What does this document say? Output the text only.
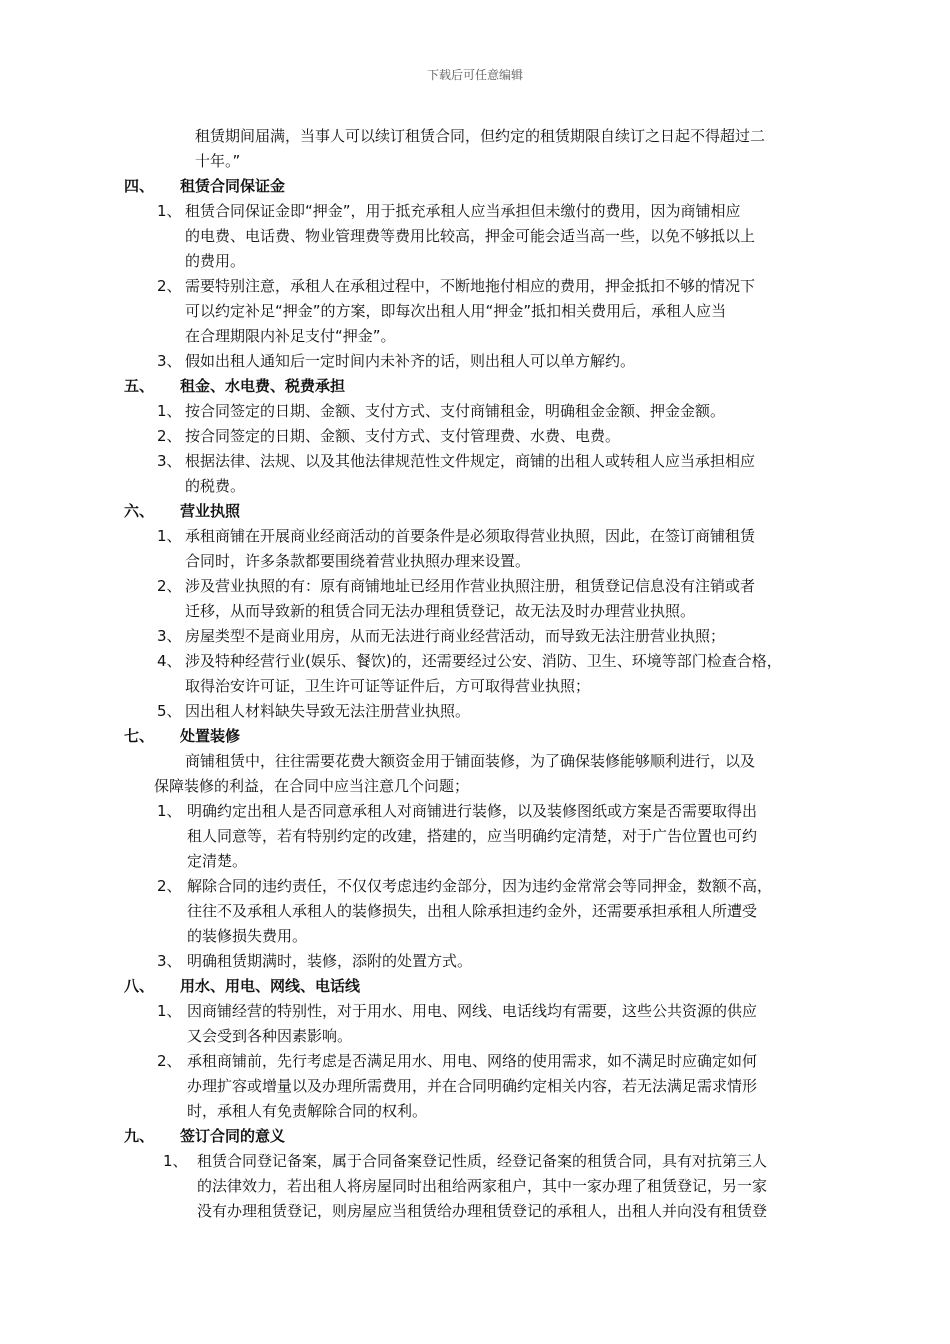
下载后可任意编辑
租赁期间届满，当事人可以续订租赁合同，但约定的租赁期限自续订之日起不得超过二
十年。”
四、 租赁合同保证金
1、 租赁合同保证金即“押金”，用于抵充承租人应当承担但未缴付的费用，因为商铺相应
的电费、电话费、物业管理费等费用比较高，押金可能会适当高一些，以免不够抵以上
的费用。
2、 需要特别注意，承租人在承租过程中，不断地拖付相应的费用，押金抵扣不够的情况下
可以约定补足“押金”的方案，即每次出租人用“押金”抵扣相关费用后，承租人应当
在合理期限内补足支付“押金”。
3、 假如出租人通知后一定时间内未补齐的话，则出租人可以单方解约。
五、 租金、水电费、税费承担
1、 按合同签定的日期、金额、支付方式、支付商铺租金，明确租金金额、押金金额。
2、 按合同签定的日期、金额、支付方式、支付管理费、水费、电费。
3、 根据法律、法规、以及其他法律规范性文件规定，商铺的出租人或转租人应当承担相应
的税费。
六、 营业执照
1、 承租商铺在开展商业经商活动的首要条件是必须取得营业执照，因此，在签订商铺租赁
合同时，许多条款都要围绕着营业执照办理来设置。
2、 涉及营业执照的有：原有商铺地址已经用作营业执照注册，租赁登记信息没有注销或者
迁移，从而导致新的租赁合同无法办理租赁登记，故无法及时办理营业执照。
3、 房屋类型不是商业用房，从而无法进行商业经营活动，而导致无法注册营业执照；
4、 涉及特种经营行业(娱乐、餐饮)的，还需要经过公安、消防、卫生、环境等部门检查合格，
取得治安许可证，卫生许可证等证件后，方可取得营业执照；
5、 因出租人材料缺失导致无法注册营业执照。
七、 处置装修
商铺租赁中，往往需要花费大额资金用于铺面装修，为了确保装修能够顺利进行，以及
保障装修的利益，在合同中应当注意几个问题；
1、 明确约定出租人是否同意承租人对商铺进行装修，以及装修图纸或方案是否需要取得出
租人同意等，若有特别约定的改建，搭建的，应当明确约定清楚，对于广告位置也可约
定清楚。
2、 解除合同的违约责任，不仅仅考虑违约金部分，因为违约金常常会等同押金，数额不高，
往往不及承租人承租人的装修损失，出租人除承担违约金外，还需要承担承租人所遭受
的装修损失费用。
3、 明确租赁期满时，装修，添附的处置方式。
八、 用水、用电、网线、电话线
1、 因商铺经营的特别性，对于用水、用电、网线、电话线均有需要，这些公共资源的供应
又会受到各种因素影响。
2、 承租商铺前，先行考虑是否满足用水、用电、网络的使用需求，如不满足时应确定如何
办理扩容或增量以及办理所需费用，并在合同明确约定相关内容，若无法满足需求情形
时，承租人有免责解除合同的权利。
九、 签订合同的意义
1、 租赁合同登记备案，属于合同备案登记性质，经登记备案的租赁合同，具有对抗第三人
的法律效力，若出租人将房屋同时出租给两家租户，其中一家办理了租赁登记，另一家
没有办理租赁登记，则房屋应当租赁给办理租赁登记的承租人，出租人并向没有租赁登
